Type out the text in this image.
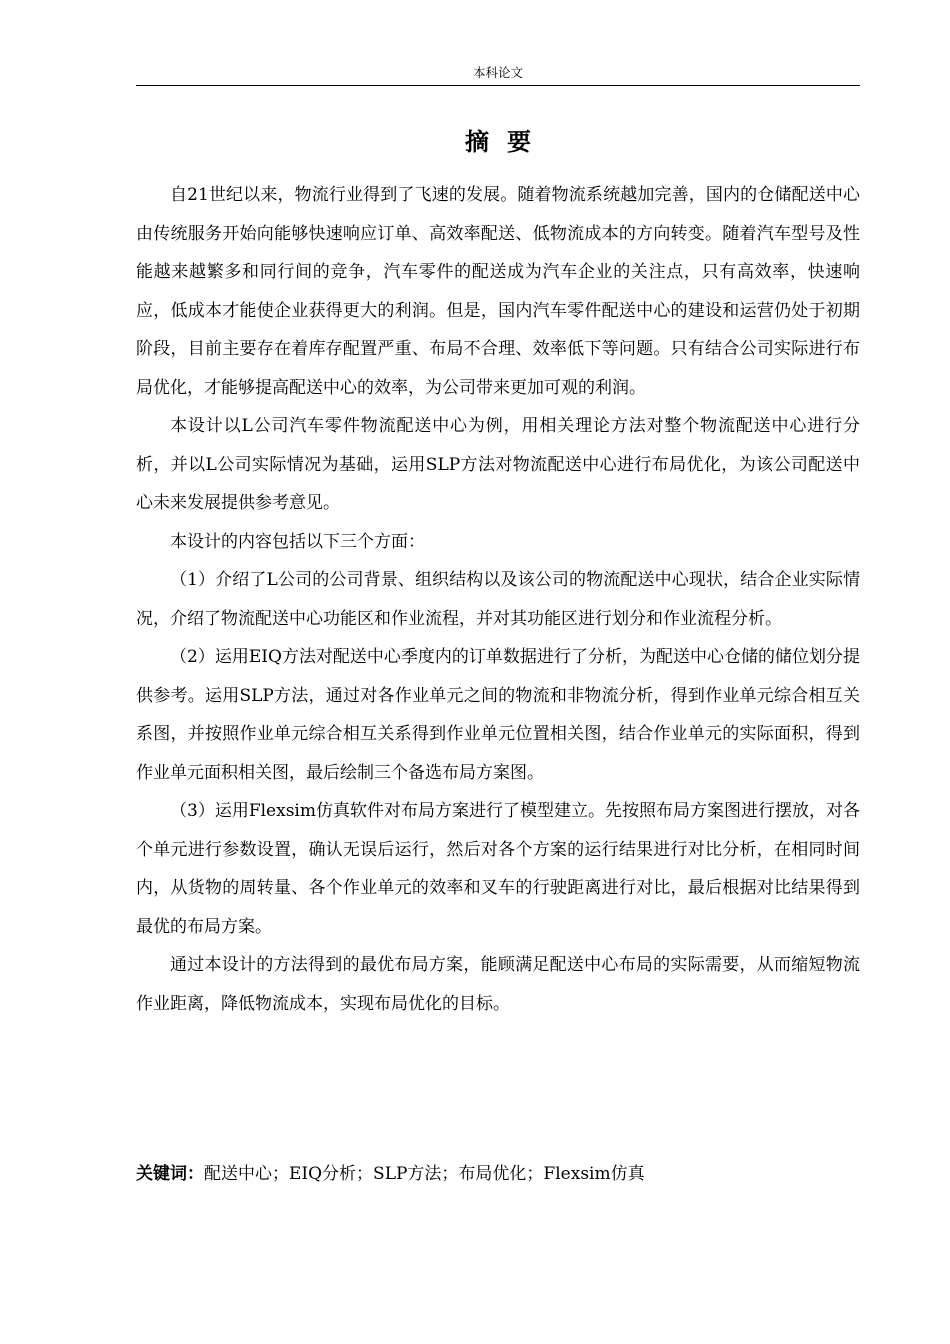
本科论文
摘要

自21世纪以来，物流行业得到了飞速的发展。随着物流系统越加完善，国内的仓储配送中心由传统服务开始向能够快速响应订单、高效率配送、低物流成本的方向转变。随着汽车型号及性能越来越繁多和同行间的竞争，汽车零件的配送成为汽车企业的关注点，只有高效率，快速响应，低成本才能使企业获得更大的利润。但是，国内汽车零件配送中心的建设和运营仍处于初期阶段，目前主要存在着库存配置严重、布局不合理、效率低下等问题。只有结合公司实际进行布局优化，才能够提高配送中心的效率，为公司带来更加可观的利润。

本设计以L公司汽车零件物流配送中心为例，用相关理论方法对整个物流配送中心进行分析，并以L公司实际情况为基础，运用SLP方法对物流配送中心进行布局优化，为该公司配送中心未来发展提供参考意见。

本设计的内容包括以下三个方面：

（1）介绍了L公司的公司背景、组织结构以及该公司的物流配送中心现状，结合企业实际情况，介绍了物流配送中心功能区和作业流程，并对其功能区进行划分和作业流程分析。

（2）运用EIQ方法对配送中心季度内的订单数据进行了分析，为配送中心仓储的储位划分提供参考。运用SLP方法，通过对各作业单元之间的物流和非物流分析，得到作业单元综合相互关系图，并按照作业单元综合相互关系得到作业单元位置相关图，结合作业单元的实际面积，得到作业单元面积相关图，最后绘制三个备选布局方案图。

（3）运用Flexsim仿真软件对布局方案进行了模型建立。先按照布局方案图进行摆放，对各个单元进行参数设置，确认无误后运行，然后对各个方案的运行结果进行对比分析，在相同时间内，从货物的周转量、各个作业单元的效率和叉车的行驶距离进行对比，最后根据对比结果得到最优的布局方案。

通过本设计的方法得到的最优布局方案，能顾满足配送中心布局的实际需要，从而缩短物流作业距离，降低物流成本，实现布局优化的目标。

关键词：配送中心；EIQ分析；SLP方法；布局优化；Flexsim仿真
